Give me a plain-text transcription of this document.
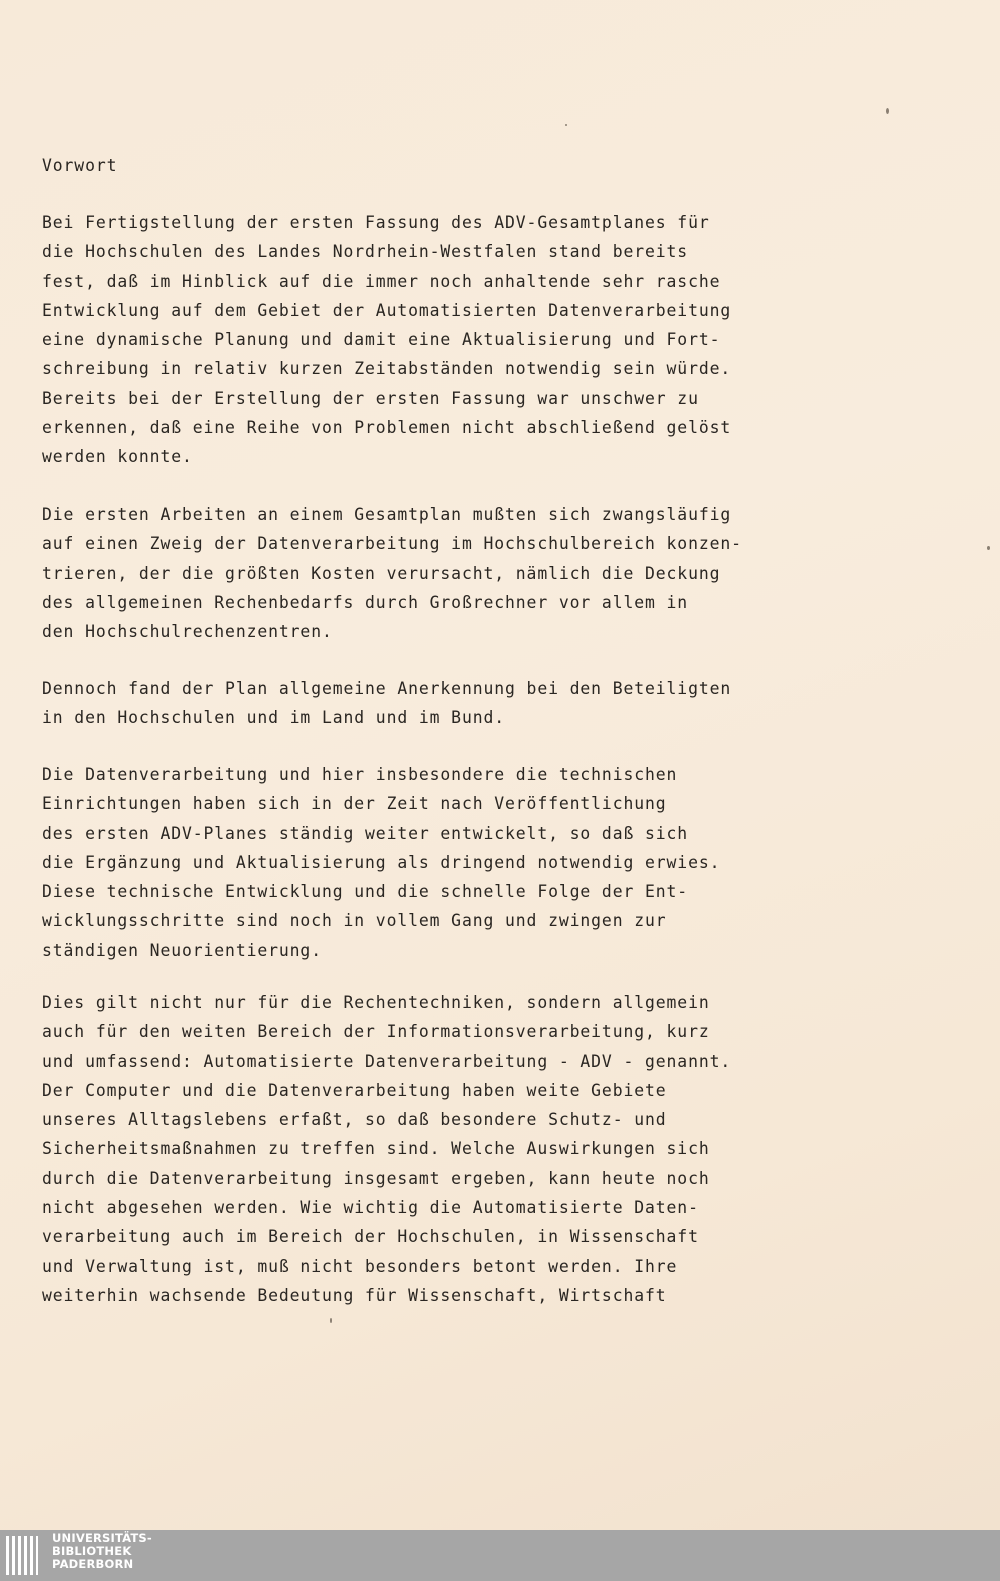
Vorwort
Bei Fertigstellung der ersten Fassung des ADV-Gesamtplanes für
die Hochschulen des Landes Nordrhein-Westfalen stand bereits
fest, daß im Hinblick auf die immer noch anhaltende sehr rasche
Entwicklung auf dem Gebiet der Automatisierten Datenverarbeitung
eine dynamische Planung und damit eine Aktualisierung und Fort-
schreibung in relativ kurzen Zeitabständen notwendig sein würde.
Bereits bei der Erstellung der ersten Fassung war unschwer zu
erkennen, daß eine Reihe von Problemen nicht abschließend gelöst
werden konnte.
Die ersten Arbeiten an einem Gesamtplan mußten sich zwangsläufig
auf einen Zweig der Datenverarbeitung im Hochschulbereich konzen-
trieren, der die größten Kosten verursacht, nämlich die Deckung
des allgemeinen Rechenbedarfs durch Großrechner vor allem in
den Hochschulrechenzentren.
Dennoch fand der Plan allgemeine Anerkennung bei den Beteiligten
in den Hochschulen und im Land und im Bund.
Die Datenverarbeitung und hier insbesondere die technischen
Einrichtungen haben sich in der Zeit nach Veröffentlichung
des ersten ADV-Planes ständig weiter entwickelt, so daß sich
die Ergänzung und Aktualisierung als dringend notwendig erwies.
Diese technische Entwicklung und die schnelle Folge der Ent-
wicklungsschritte sind noch in vollem Gang und zwingen zur
ständigen Neuorientierung.
Dies gilt nicht nur für die Rechentechniken, sondern allgemein
auch für den weiten Bereich der Informationsverarbeitung, kurz
und umfassend: Automatisierte Datenverarbeitung - ADV - genannt.
Der Computer und die Datenverarbeitung haben weite Gebiete
unseres Alltagslebens erfaßt, so daß besondere Schutz- und
Sicherheitsmaßnahmen zu treffen sind. Welche Auswirkungen sich
durch die Datenverarbeitung insgesamt ergeben, kann heute noch
nicht abgesehen werden. Wie wichtig die Automatisierte Daten-
verarbeitung auch im Bereich der Hochschulen, in Wissenschaft
und Verwaltung ist, muß nicht besonders betont werden. Ihre
weiterhin wachsende Bedeutung für Wissenschaft, Wirtschaft
UNIVERSITÄTS-
BIBLIOTHEK
PADERBORN
